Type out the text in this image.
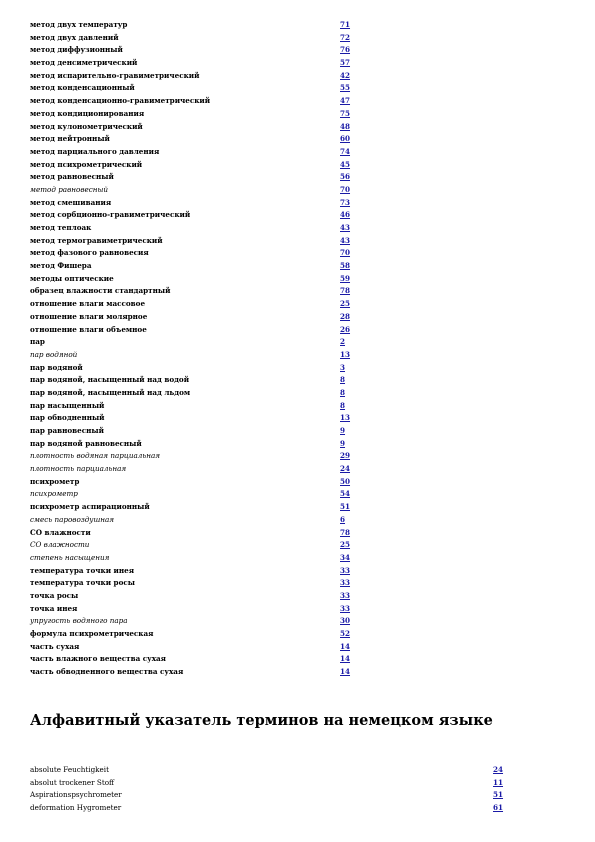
метод двух температур	71
метод двух давлений	72
метод диффузионный	76
метод денсиметрический	57
метод испарительно-гравиметрический	42
метод конденсационный	55
метод конденсационно-гравиметрический	47
метод кондиционирования	75
метод кулонометрический	48
метод нейтронный	60
метод парциального давления	74
метод психрометрический	45
метод равновесный	56
метод равновесный	70
метод смешивания	73
метод сорбционно-гравиметрический	46
метод теплоак	43
метод термогравиметрический	43
метод фазового равновесия	70
метод Фишера	58
методы оптические	59
образец влажности стандартный	78
отношение влаги массовое	25
отношение влаги молярное	28
отношение влаги объемное	26
пар	2
пар водяной	13
пар водяной	3
пар водяной, насыщенный над водой	8
пар водяной, насыщенный над льдом	8
пар насыщенный	8
пар обводненный	13
пар равновесный	9
пар водяной равновесный	9
плотность водяная парциальная	29
плотность парциальная	24
психрометр	50
психрометр	54
психрометр аспирационный	51
смесь паровоздушная	6
CO влажности	78
CO влажности	25
степень насыщения	34
температура точки инея	33
температура точки росы	33
точка росы	33
точка инея	33
упругость водяного пара	30
формула психрометрическая	52
часть сухая	14
часть влажного вещества сухая	14
часть обводненного вещества сухая	14
Алфавитный указатель терминов на немецком языке
absolute Feuchtigkeit	24
absolut trockener Stoff	11
Aspirationspsychrometer	51
deformation Hygrometer	61
